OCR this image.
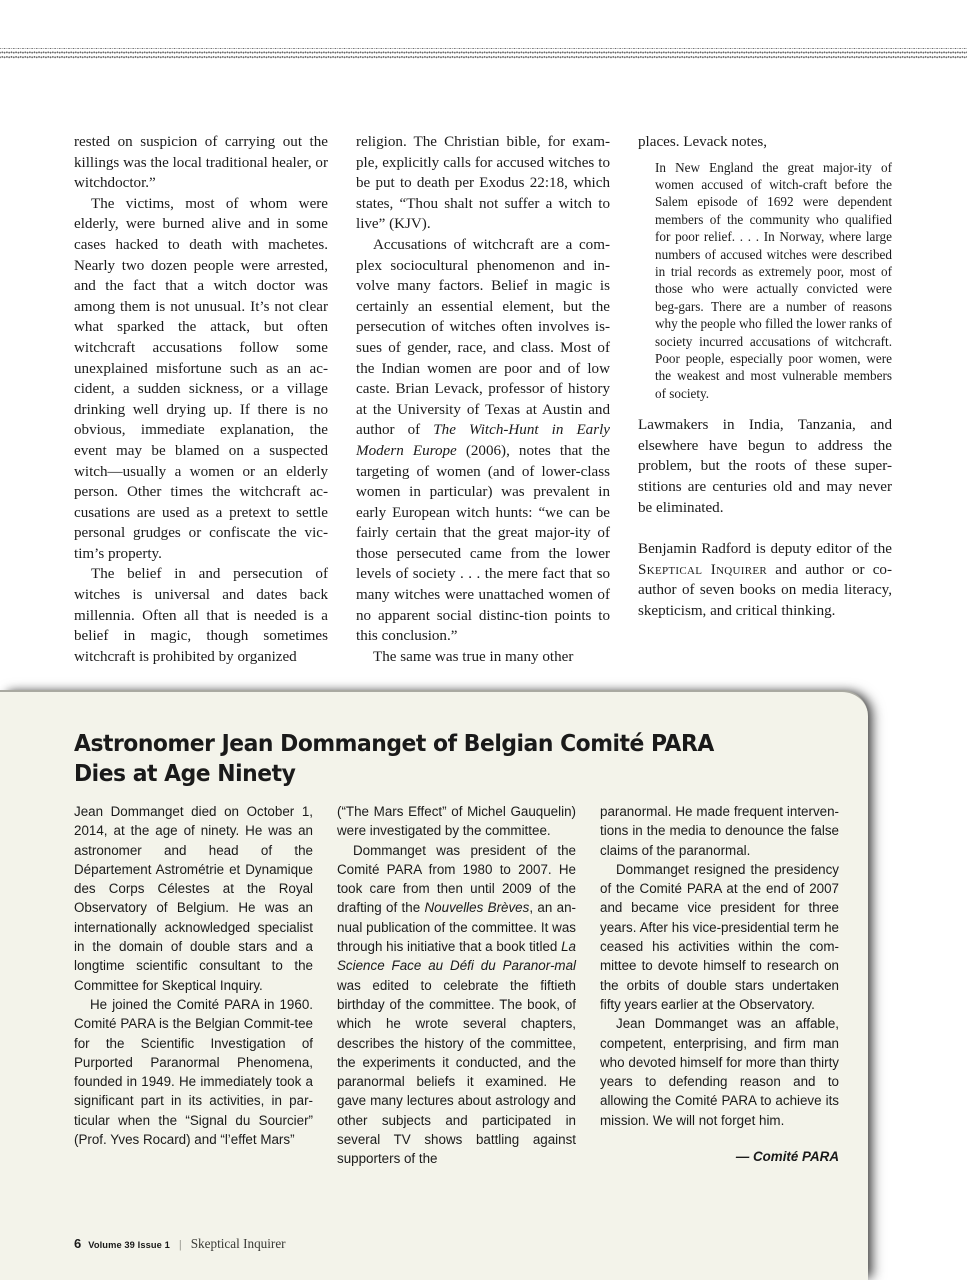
rested on suspicion of carrying out the killings was the local traditional healer, or witchdoctor.”

The victims, most of whom were elderly, were burned alive and in some cases hacked to death with machetes. Nearly two dozen people were arrested, and the fact that a witch doctor was among them is not unusual. It’s not clear what sparked the attack, but often witchcraft accusations follow some unexplained misfortune such as an ac-cident, a sudden sickness, or a village drinking well drying up. If there is no obvious, immediate explanation, the event may be blamed on a suspected witch—usually a women or an elderly person. Other times the witchcraft ac-cusations are used as a pretext to settle personal grudges or confiscate the vic-tim’s property.

The belief in and persecution of witches is universal and dates back millennia. Often all that is needed is a belief in magic, though sometimes witchcraft is prohibited by organized

religion. The Christian bible, for exam-ple, explicitly calls for accused witches to be put to death per Exodus 22:18, which states, “Thou shalt not suffer a witch to live” (KJV).

Accusations of witchcraft are a com-plex sociocultural phenomenon and in-volve many factors. Belief in magic is certainly an essential element, but the persecution of witches often involves is-sues of gender, race, and class. Most of the Indian women are poor and of low caste. Brian Levack, professor of history at the University of Texas at Austin and author of The Witch-Hunt in Early Modern Europe (2006), notes that the targeting of women (and of lower-class women in particular) was prevalent in early European witch hunts: “we can be fairly certain that the great major-ity of those persecuted came from the lower levels of society . . . the mere fact that so many witches were unattached women of no apparent social distinc-tion points to this conclusion.”

The same was true in many other

places. Levack notes,

In New England the great major-ity of women accused of witch-craft before the Salem episode of 1692 were dependent members of the community who qualified for poor relief. . . . In Norway, where large numbers of accused witches were described in trial records as extremely poor, most of those who were actually convicted were beg-gars. There are a number of reasons why the people who filled the lower ranks of society incurred accusations of witchcraft. Poor people, especially poor women, were the weakest and most vulnerable members of society.

Lawmakers in India, Tanzania, and elsewhere have begun to address the problem, but the roots of these super-stitions are centuries old and may never be eliminated.

Benjamin Radford is deputy editor of the Skeptical Inquirer and author or co-author of seven books on media literacy, skepticism, and critical thinking.

Astronomer Jean Dommanget of Belgian Comité PARA Dies at Age Ninety

Jean Dommanget died on October 1, 2014, at the age of ninety. He was an astronomer and head of the Département Astrométrie et Dynamique des Corps Célestes at the Royal Observatory of Belgium. He was an internationally acknowledged specialist in the domain of double stars and a longtime scientific consultant to the Committee for Skeptical Inquiry.

He joined the Comité PARA in 1960. Comité PARA is the Belgian Commit-tee for the Scientific Investigation of Purported Paranormal Phenomena, founded in 1949. He immediately took a significant part in its activities, in par-ticular when the “Signal du Sourcier” (Prof. Yves Rocard) and “l’effet Mars”

(“The Mars Effect” of Michel Gauquelin) were investigated by the committee.

Dommanget was president of the Comité PARA from 1980 to 2007. He took care from then until 2009 of the drafting of the Nouvelles Brèves, an an-nual publication of the committee. It was through his initiative that a book titled La Science Face au Défi du Paranor-mal was edited to celebrate the fiftieth birthday of the committee. The book, of which he wrote several chapters, describes the history of the committee, the experiments it conducted, and the paranormal beliefs it examined. He gave many lectures about astrology and other subjects and participated in several TV shows battling against supporters of the

paranormal. He made frequent interven-tions in the media to denounce the false claims of the paranormal.

Dommanget resigned the presidency of the Comité PARA at the end of 2007 and became vice president for three years. After his vice-presidential term he ceased his activities within the com-mittee to devote himself to research on the orbits of double stars undertaken fifty years earlier at the Observatory.

Jean Dommanget was an affable, competent, enterprising, and firm man who devoted himself for more than thirty years to defending reason and to allowing the Comité PARA to achieve its mission. We will not forget him.

— Comité PARA

6 Volume 39 Issue 1 | Skeptical Inquirer
